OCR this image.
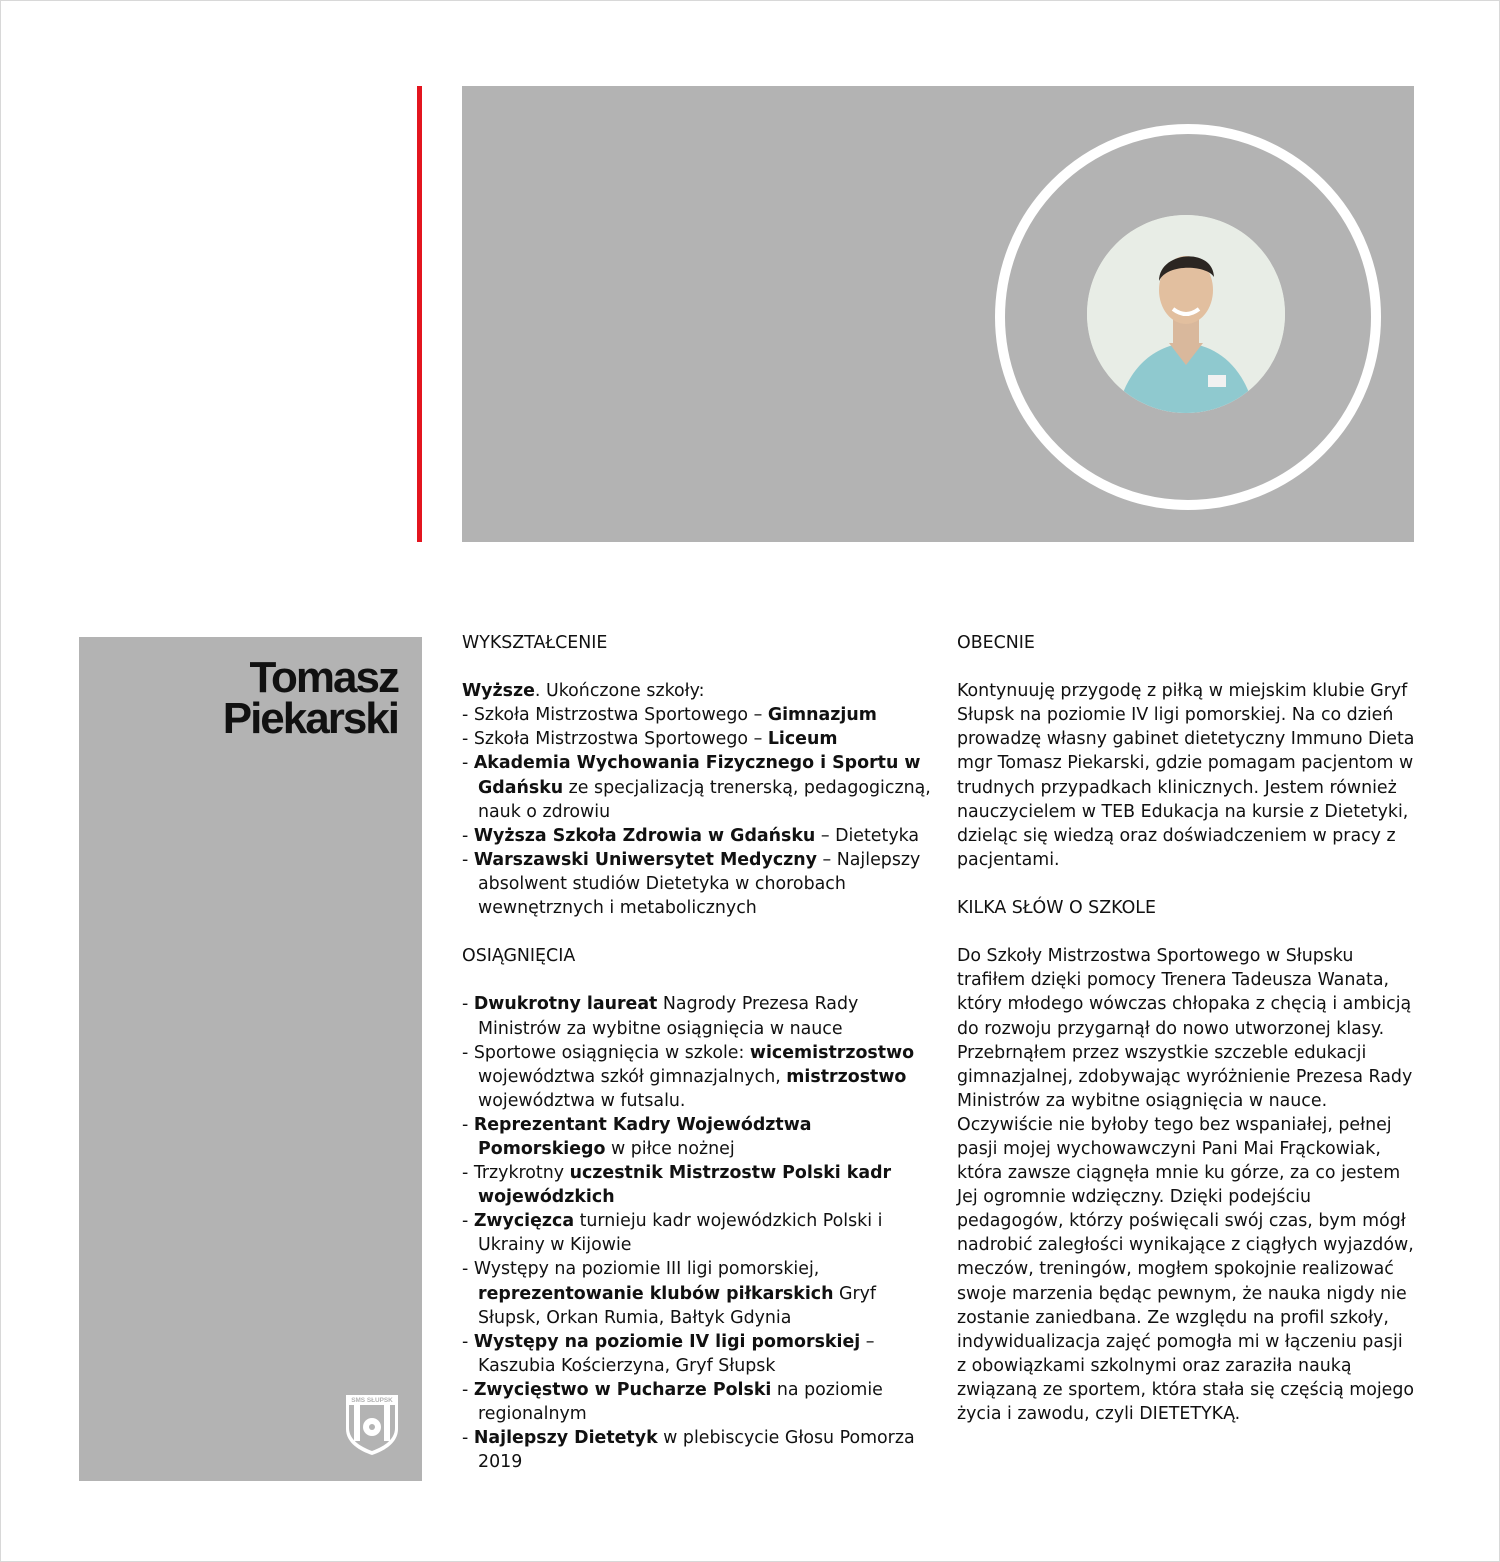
Tomasz
Piekarski
SMS SŁUPSK
WYKSZTAŁCENIE

Wyższe. Ukończone szkoły:

- Szkoła Mistrzostwa Sportowego – Gimnazjum

- Szkoła Mistrzostwa Sportowego – Liceum

- Akademia Wychowania Fizycznego i Sportu w Gdańsku ze specjalizacją trenerską, pedagogiczną, nauk o zdrowiu

- Wyższa Szkoła Zdrowia w Gdańsku – Dietetyka

- Warszawski Uniwersytet Medyczny – Najlepszy absolwent studiów Dietetyka w chorobach wewnętrznych i metabolicznych

OSIĄGNIĘCIA

- Dwukrotny laureat Nagrody Prezesa Rady Ministrów za wybitne osiągnięcia w nauce

- Sportowe osiągnięcia w szkole: wicemistrzostwo województwa szkół gimnazjalnych, mistrzostwo województwa w futsalu.

- Reprezentant Kadry Województwa Pomorskiego w piłce nożnej

- Trzykrotny uczestnik Mistrzostw Polski kadr wojewódzkich

- Zwycięzca turnieju kadr wojewódzkich Polski i Ukrainy w Kijowie

- Występy na poziomie III ligi pomorskiej, reprezentowanie klubów piłkarskich Gryf Słupsk, Orkan Rumia, Bałtyk Gdynia

- Występy na poziomie IV ligi pomorskiej – Kaszubia Kościerzyna, Gryf Słupsk

- Zwycięstwo w Pucharze Polski na poziomie regionalnym

- Najlepszy Dietetyk w plebiscycie Głosu Pomorza 2019

OBECNIE

Kontynuuję przygodę z piłką w miejskim klubie Gryf Słupsk na poziomie IV ligi pomorskiej. Na co dzień prowadzę własny gabinet dietetyczny Immuno Dieta mgr Tomasz Piekarski, gdzie pomagam pacjentom w trudnych przypadkach klinicznych. Jestem również nauczycielem w TEB Edukacja na kursie z Dietetyki, dzieląc się wiedzą oraz doświadczeniem w pracy z pacjentami.

KILKA SŁÓW O SZKOLE

Do Szkoły Mistrzostwa Sportowego w Słupsku trafiłem dzięki pomocy Trenera Tadeusza Wanata, który młodego wówczas chłopaka z chęcią i ambicją do rozwoju przygarnął do nowo utworzonej klasy. Przebrnąłem przez wszystkie szczeble edukacji gimnazjalnej, zdobywając wyróżnienie Prezesa Rady Ministrów za wybitne osiągnięcia w nauce. Oczywiście nie byłoby tego bez wspaniałej, pełnej pasji mojej wychowawczyni Pani Mai Frąckowiak, która zawsze ciągnęła mnie ku górze, za co jestem Jej ogromnie wdzięczny. Dzięki podejściu pedagogów, którzy poświęcali swój czas, bym mógł nadrobić zaległości wynikające z ciągłych wyjazdów, meczów, treningów, mogłem spokojnie realizować swoje marzenia będąc pewnym, że nauka nigdy nie zostanie zaniedbana. Ze względu na profil szkoły, indywidualizacja zajęć pomogła mi w łączeniu pasji z obowiązkami szkolnymi oraz zaraziła nauką związaną ze sportem, która stała się częścią mojego życia i zawodu, czyli DIETETYKĄ.
